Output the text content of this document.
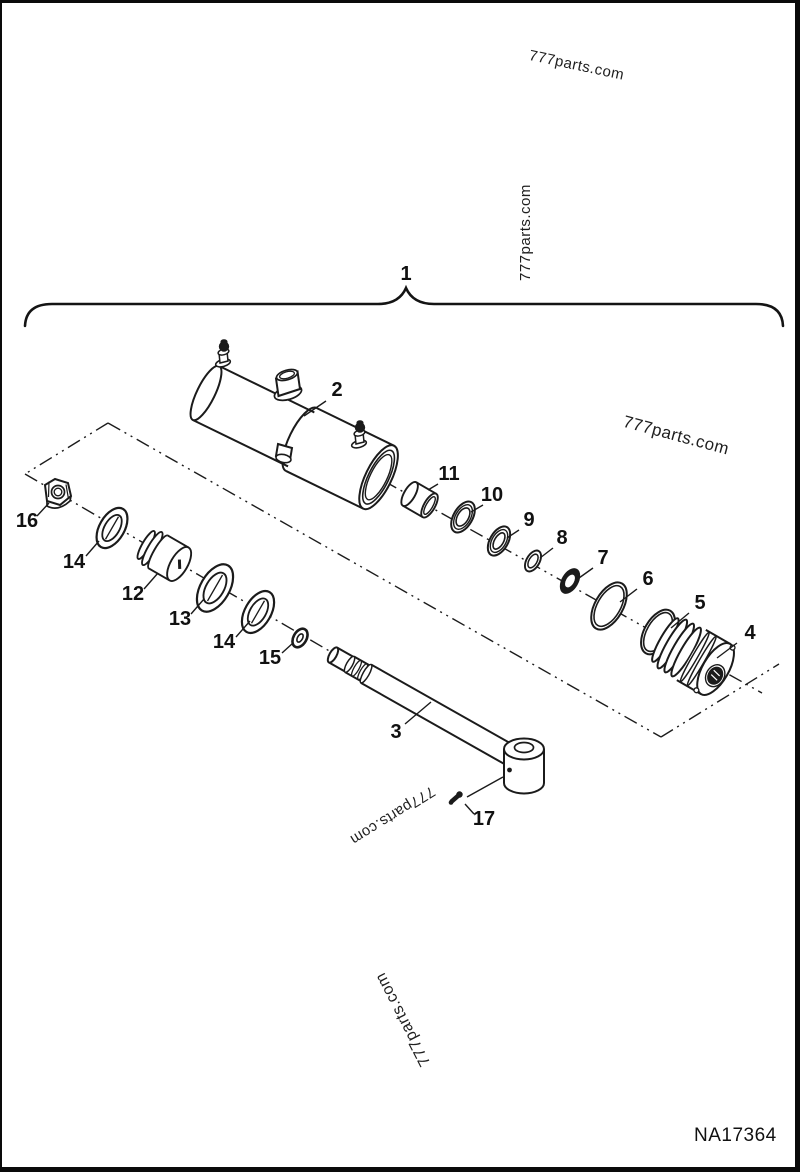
1
2
3
4
5
6
7
8
9
10
11
12
13
14
14
15
16
17
777parts.com
777parts.com
777parts.com
777parts.com
777parts.com
NA17364
